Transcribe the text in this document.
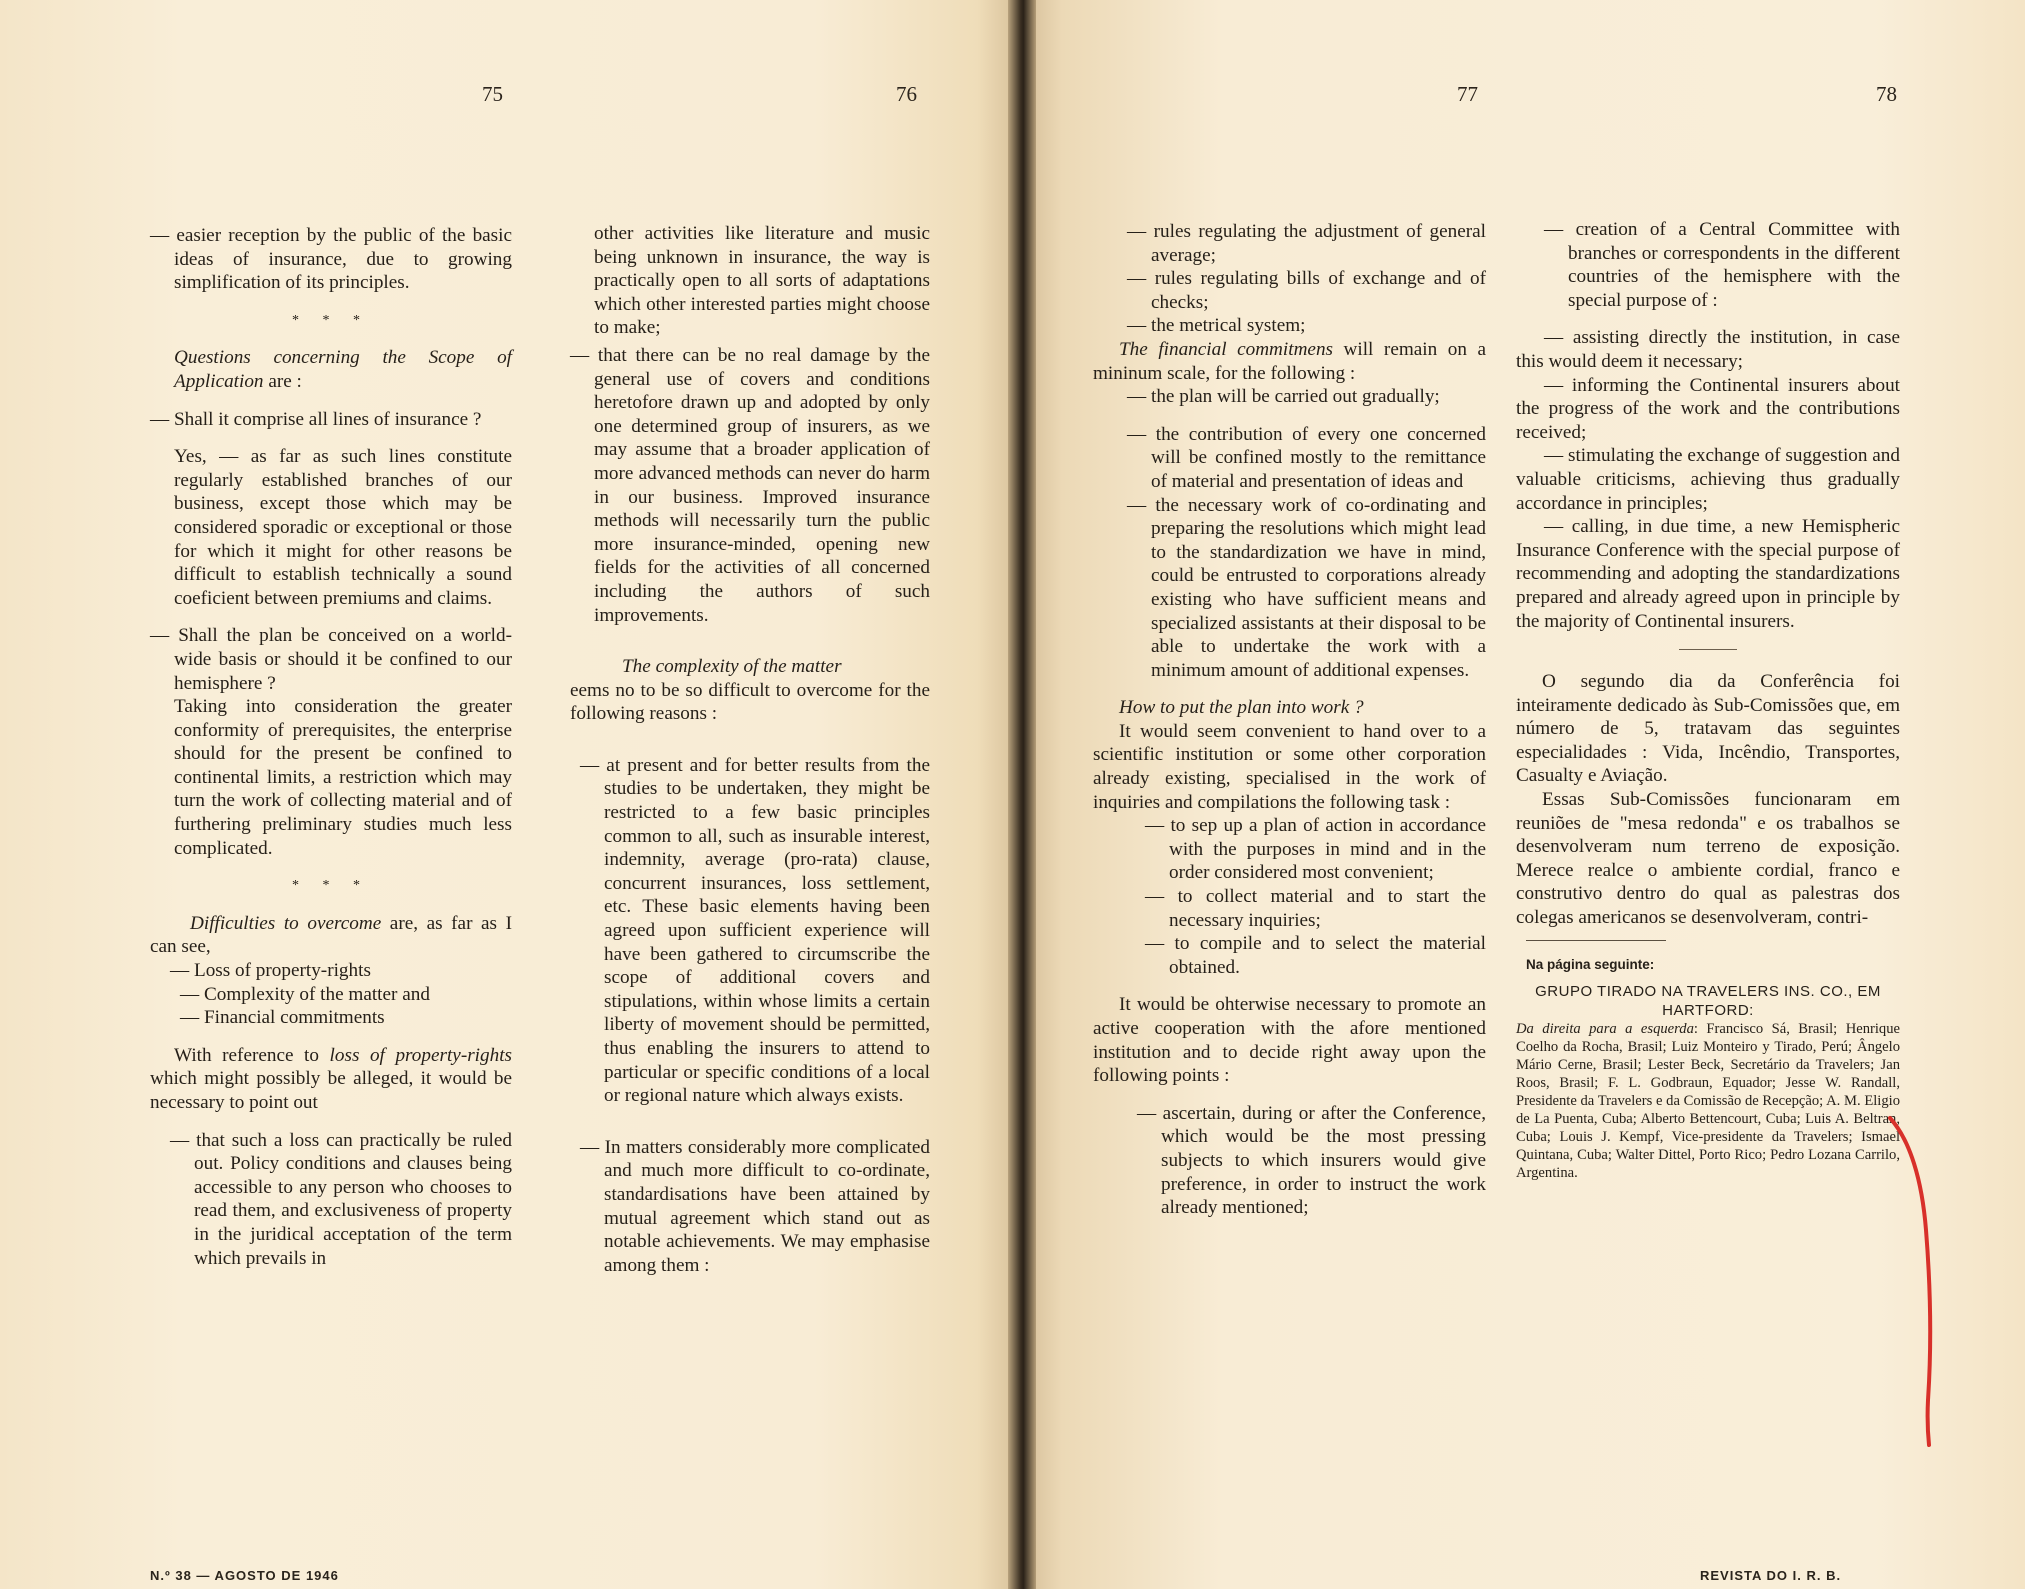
75	76	77	78

— easier reception by the public of the basic ideas of insurance, due to growing simplification of its principles.

* * *

Questions concerning the Scope of Application are :

— Shall it comprise all lines of insurance ?

Yes, — as far as such lines constitute regularly established branches of our business, except those which may be considered sporadic or exceptional or those for which it might for other reasons be difficult to establish technically a sound coeficient between premiums and claims.

— Shall the plan be conceived on a world-wide basis or should it be confined to our hemisphere ?

Taking into consideration the greater conformity of prerequisites, the enterprise should for the present be confined to continental limits, a restriction which may turn the work of collecting material and of furthering preliminary studies much less complicated.

* * *

Difficulties to overcome are, as far as I can see,

— Loss of property-rights

— Complexity of the matter and

— Financial commitments

With reference to loss of property-rights which might possibly be alleged, it would be necessary to point out

— that such a loss can practically be ruled out. Policy conditions and clauses being accessible to any person who chooses to read them, and exclusiveness of property in the juridical acceptation of the term which prevails in

other activities like literature and music being unknown in insurance, the way is practically open to all sorts of adaptations which other interested parties might choose to make;

— that there can be no real damage by the general use of covers and conditions heretofore drawn up and adopted by only one determined group of insurers, as we may assume that a broader application of more advanced methods can never do harm in our business. Improved insurance methods will necessarily turn the public more insurance-minded, opening new fields for the activities of all concerned including the authors of such improvements.

The complexity of the matter

eems no to be so difficult to overcome for the following reasons :

— at present and for better results from the studies to be undertaken, they might be restricted to a few basic principles common to all, such as insurable interest, indemnity, average (pro-rata) clause, concurrent insurances, loss settlement, etc. These basic elements having been agreed upon sufficient experience will have been gathered to circumscribe the scope of additional covers and stipulations, within whose limits a certain liberty of movement should be permitted, thus enabling the insurers to attend to particular or specific conditions of a local or regional nature which always exists.

— In matters considerably more complicated and much more difficult to co-ordinate, standardisations have been attained by mutual agreement which stand out as notable achievements. We may emphasise among them :

— rules regulating the adjustment of general average;

— rules regulating bills of exchange and of checks;

— the metrical system;

The financial commitmens will remain on a mininum scale, for the following :

— the plan will be carried out gradually;

— the contribution of every one concerned will be confined mostly to the remittance of material and presentation of ideas and

— the necessary work of co-ordinating and preparing the resolutions which might lead to the standardization we have in mind, could be entrusted to corporations already existing who have sufficient means and specialized assistants at their disposal to be able to undertake the work with a minimum amount of additional expenses.

How to put the plan into work ?

It would seem convenient to hand over to a scientific institution or some other corporation already existing, specialised in the work of inquiries and compilations the following task :

— to sep up a plan of action in accordance with the purposes in mind and in the order considered most convenient;

— to collect material and to start the necessary inquiries;

— to compile and to select the material obtained.

It would be ohterwise necessary to promote an active cooperation with the afore mentioned institution and to decide right away upon the following points :

— ascertain, during or after the Conference, which would be the most pressing subjects to which insurers would give preference, in order to instruct the work already mentioned;

— creation of a Central Committee with branches or correspondents in the different countries of the hemisphere with the special purpose of :

— assisting directly the institution, in case this would deem it necessary;

— informing the Continental insurers about the progress of the work and the contributions received;

— stimulating the exchange of suggestion and valuable criticisms, achieving thus gradually accordance in principles;

— calling, in due time, a new Hemispheric Insurance Conference with the special purpose of recommending and adopting the standardizations prepared and already agreed upon in principle by the majority of Continental insurers.

O segundo dia da Conferência foi inteiramente dedicado às Sub-Comissões que, em número de 5, tratavam das seguintes especialidades : Vida, Incêndio, Transportes, Casualty e Aviação.

Essas Sub-Comissões funcionaram em reuniões de "mesa redonda" e os trabalhos se desenvolveram num terreno de exposição. Merece realce o ambiente cordial, franco e construtivo dentro do qual as palestras dos colegas americanos se desenvolveram, contri-

Na página seguinte:
GRUPO TIRADO NA TRAVELERS INS. CO., EM HARTFORD:

Da direita para a esquerda: Francisco Sá, Brasil; Henrique Coelho da Rocha, Brasil; Luiz Monteiro y Tirado, Perú; Ângelo Mário Cerne, Brasil; Lester Beck, Secretário da Travelers; Jan Roos, Brasil; F. L. Godbraun, Equador; Jesse W. Randall, Presidente da Travelers e da Comissão de Recepção; A. M. Eligio de La Puenta, Cuba; Alberto Bettencourt, Cuba; Luis A. Beltran, Cuba; Louis J. Kempf, Vice-presidente da Travelers; Ismael Quintana, Cuba; Walter Dittel, Porto Rico; Pedro Lozana Carrilo, Argentina.

N.º 38 — AGOSTO DE 1946	REVISTA DO I. R. B.
